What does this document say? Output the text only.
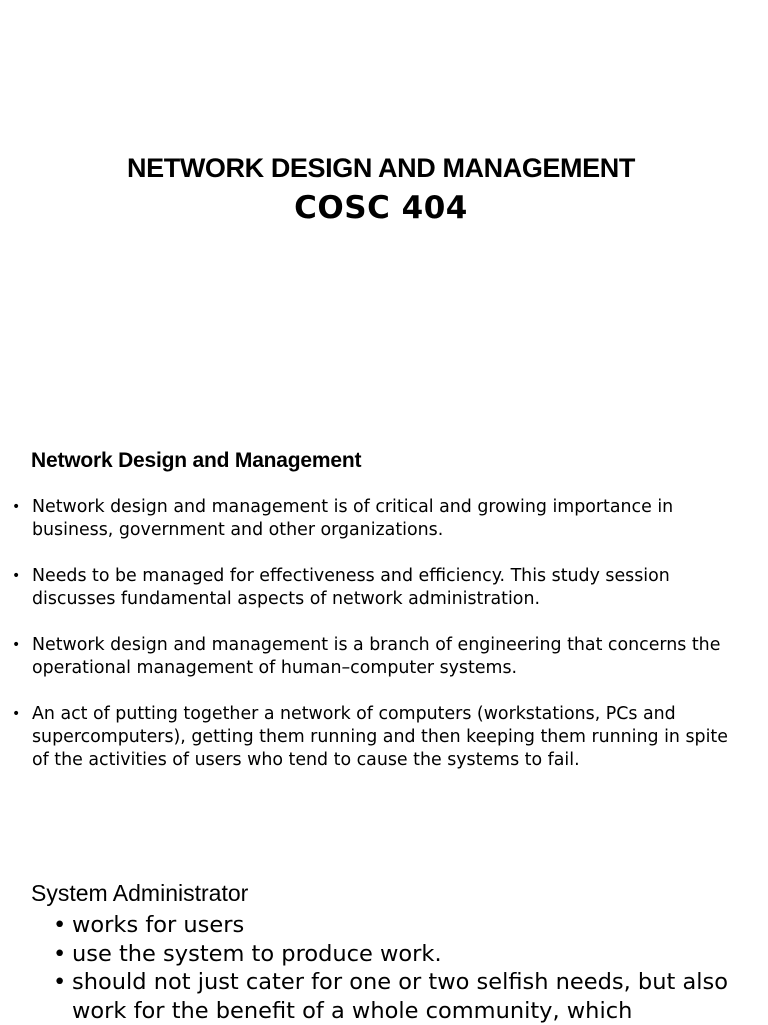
NETWORK DESIGN AND MANAGEMENT
COSC 404
Network Design and Management
• Network design and management is of critical and growing importance in business, government and other organizations.
• Needs to be managed for effectiveness and efficiency. This study session discusses fundamental aspects of network administration.
• Network design and management is a branch of engineering that concerns the operational management of human–computer systems.
• An act of putting together a network of computers (workstations, PCs and supercomputers), getting them running and then keeping them running in spite of the activities of users who tend to cause the systems to fail.
System Administrator
• works for users
• use the system to produce work.
• should not just cater for one or two selfish needs, but also work for the benefit of a whole community, which
